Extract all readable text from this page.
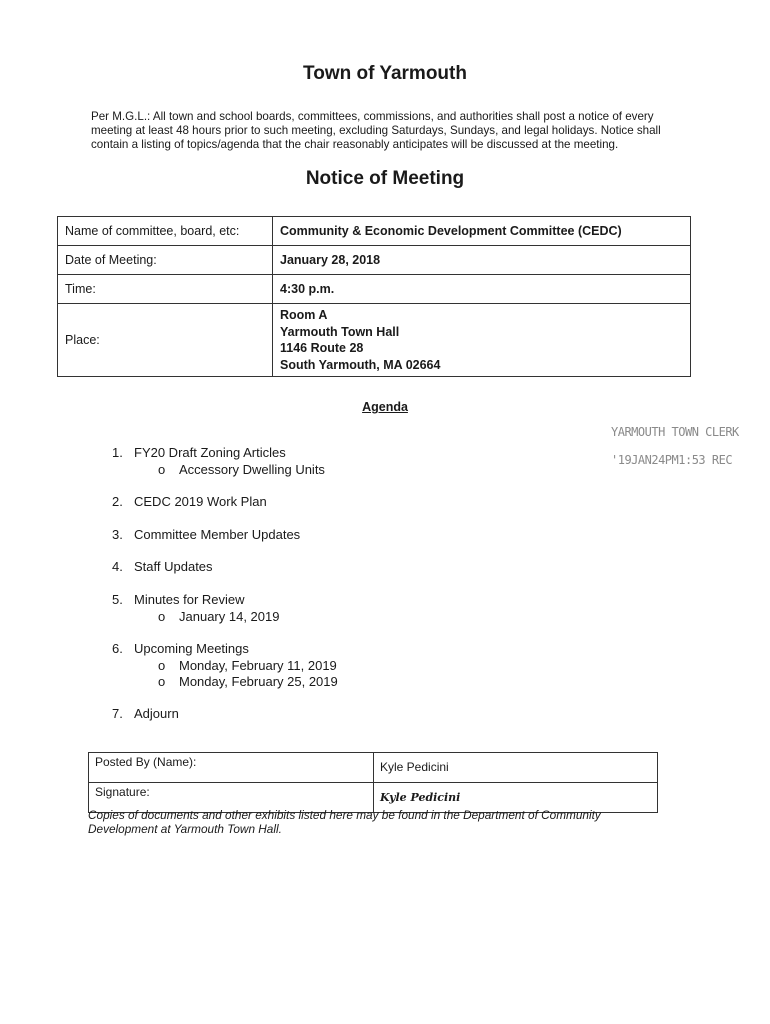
Town of Yarmouth
Per M.G.L.: All town and school boards, committees, commissions, and authorities shall post a notice of every meeting at least 48 hours prior to such meeting, excluding Saturdays, Sundays, and legal holidays. Notice shall contain a listing of topics/agenda that the chair reasonably anticipates will be discussed at the meeting.
Notice of Meeting
Name of committee, board, etc:	Community & Economic Development Committee (CEDC)
Date of Meeting:	January 28, 2018
Time:	4:30 p.m.
Place:	Room A
Yarmouth Town Hall
1146 Route 28
South Yarmouth, MA 02664
Agenda
YARMOUTH TOWN CLERK
'19JAN24PM1:53 REC
1. FY20 Draft Zoning Articles
o Accessory Dwelling Units
2. CEDC 2019 Work Plan
3. Committee Member Updates
4. Staff Updates
5. Minutes for Review
o January 14, 2019
6. Upcoming Meetings
o Monday, February 11, 2019
o Monday, February 25, 2019
7. Adjourn
Posted By (Name):	Kyle Pedicini
Signature:	Kyle Pedicini
Copies of documents and other exhibits listed here may be found in the Department of Community Development at Yarmouth Town Hall.
